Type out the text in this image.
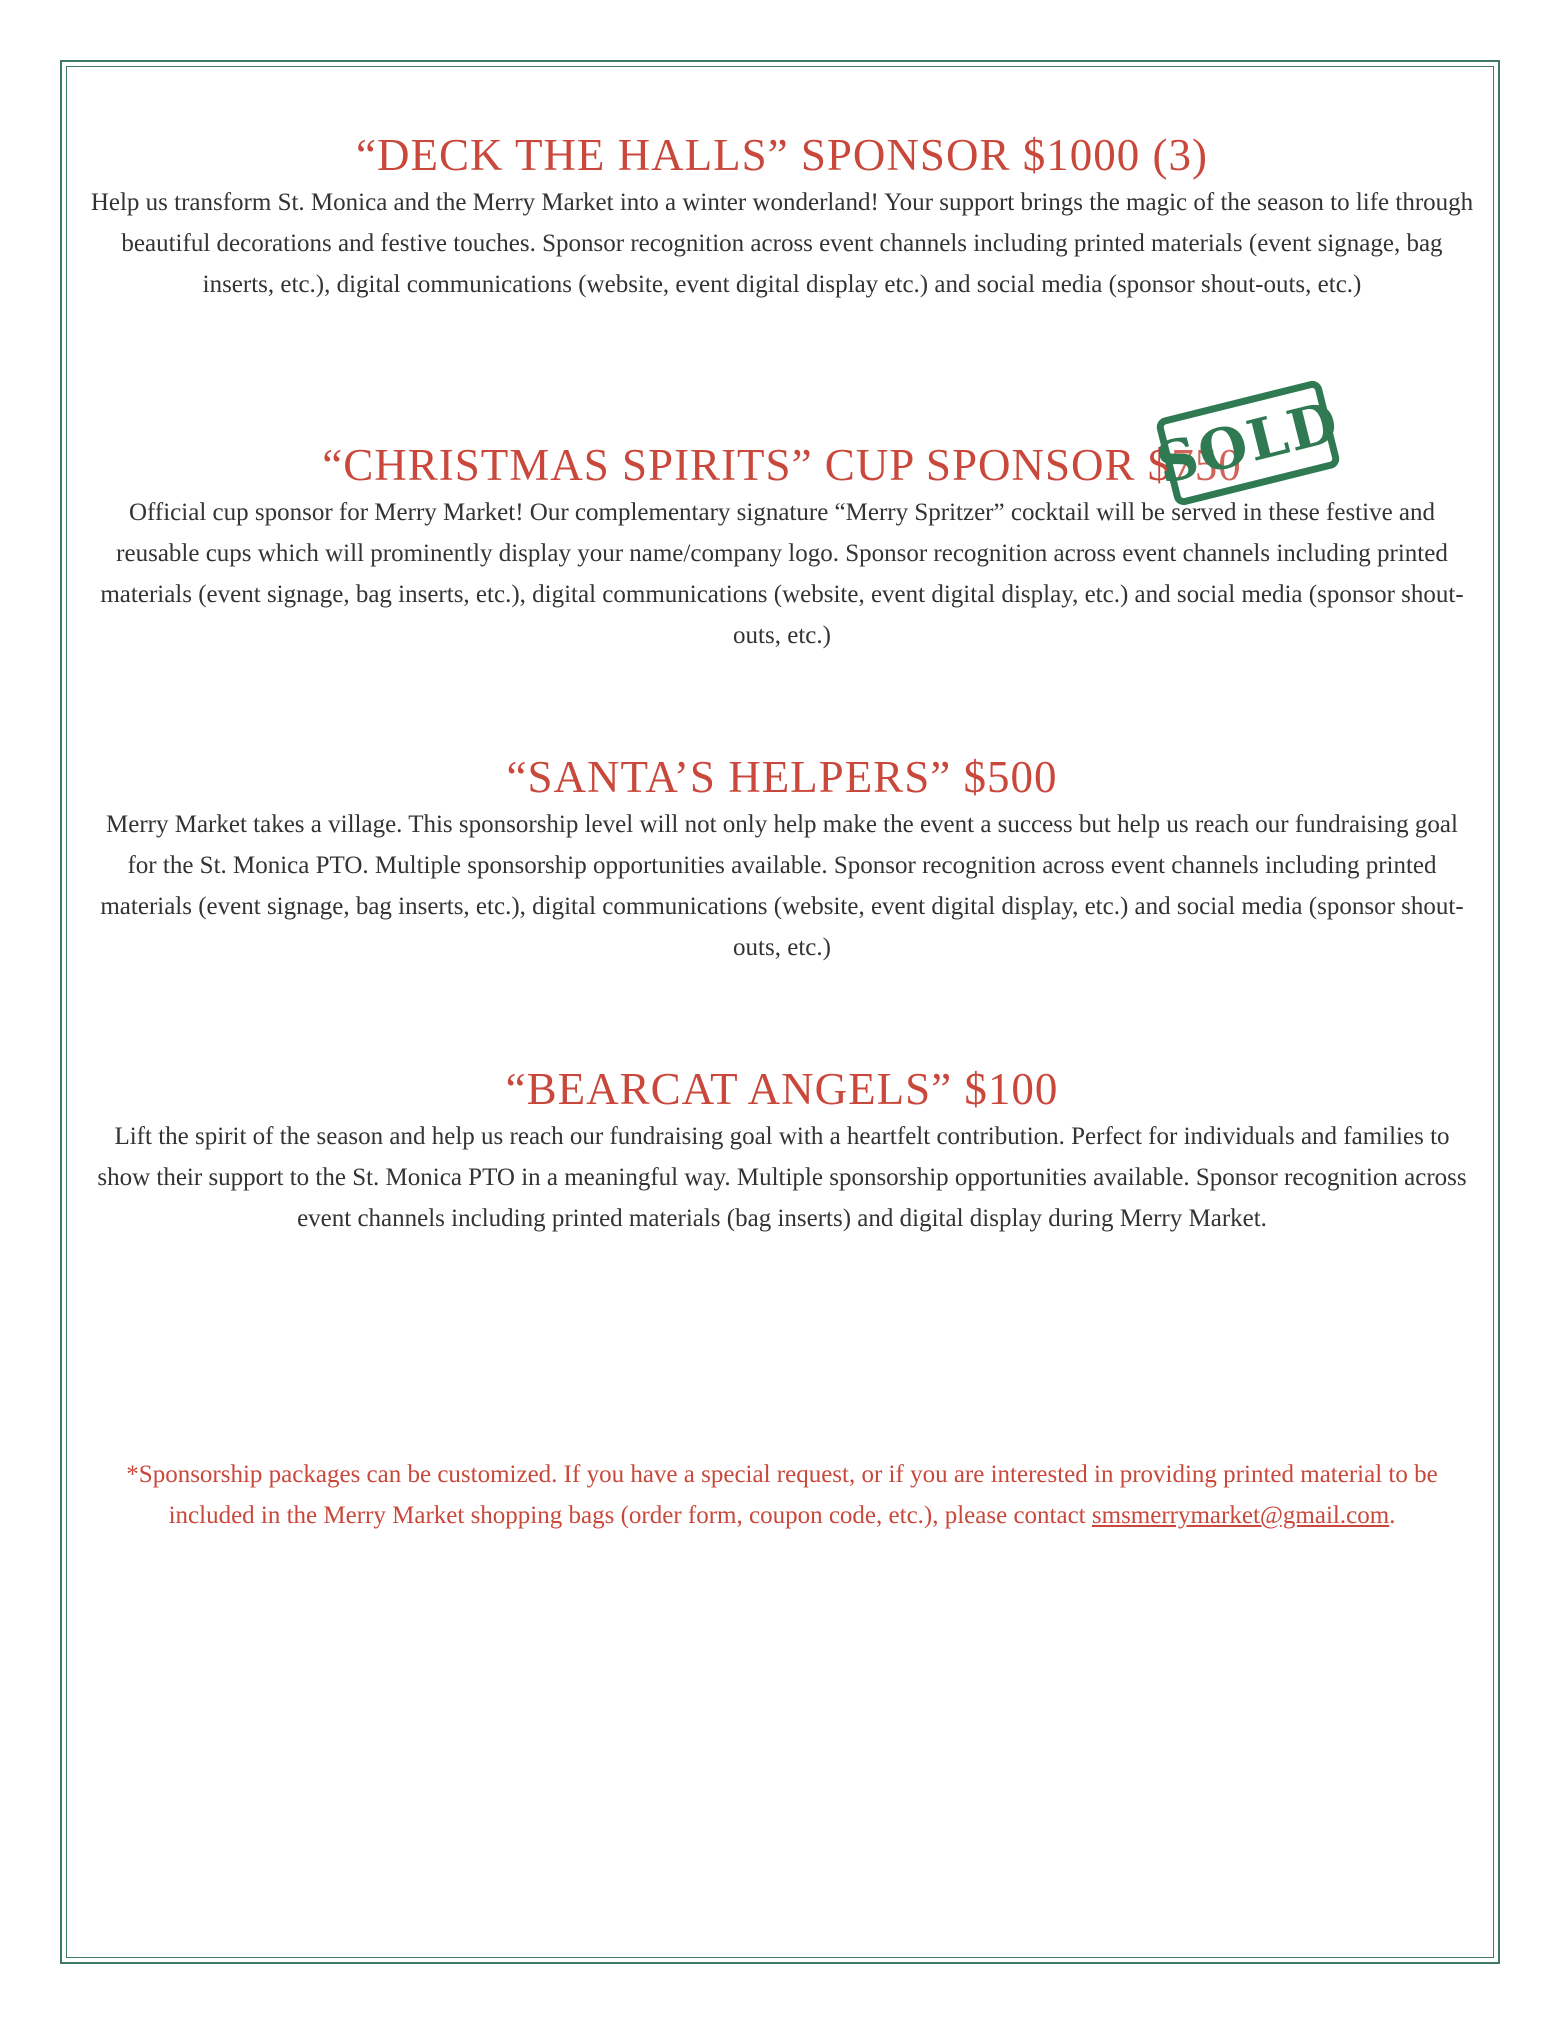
“DECK THE HALLS” SPONSOR $1000 (3)

Help us transform St. Monica and the Merry Market into a winter wonderland! Your support brings the magic of the season to life through beautiful decorations and festive touches. Sponsor recognition across event channels including printed materials (event signage, bag inserts, etc.), digital communications (website, event digital display etc.) and social media (sponsor shout-outs, etc.)

“CHRISTMAS SPIRITS” CUP SPONSOR $750

Official cup sponsor for Merry Market! Our complementary signature “Merry Spritzer” cocktail will be served in these festive and reusable cups which will prominently display your name/company logo. Sponsor recognition across event channels including printed materials (event signage, bag inserts, etc.), digital communications (website, event digital display, etc.) and social media (sponsor shout-outs, etc.)

“SANTA’S HELPERS” $500

Merry Market takes a village. This sponsorship level will not only help make the event a success but help us reach our fundraising goal for the St. Monica PTO. Multiple sponsorship opportunities available. Sponsor recognition across event channels including printed materials (event signage, bag inserts, etc.), digital communications (website, event digital display, etc.) and social media (sponsor shout-outs, etc.)

“BEARCAT ANGELS” $100

Lift the spirit of the season and help us reach our fundraising goal with a heartfelt contribution. Perfect for individuals and families to show their support to the St. Monica PTO in a meaningful way. Multiple sponsorship opportunities available. Sponsor recognition across event channels including printed materials (bag inserts) and digital display during Merry Market.

SOLD
*Sponsorship packages can be customized. If you have a special request, or if you are interested in providing printed material to be included in the Merry Market shopping bags (order form, coupon code, etc.), please contact smsmerrymarket@gmail.com.
